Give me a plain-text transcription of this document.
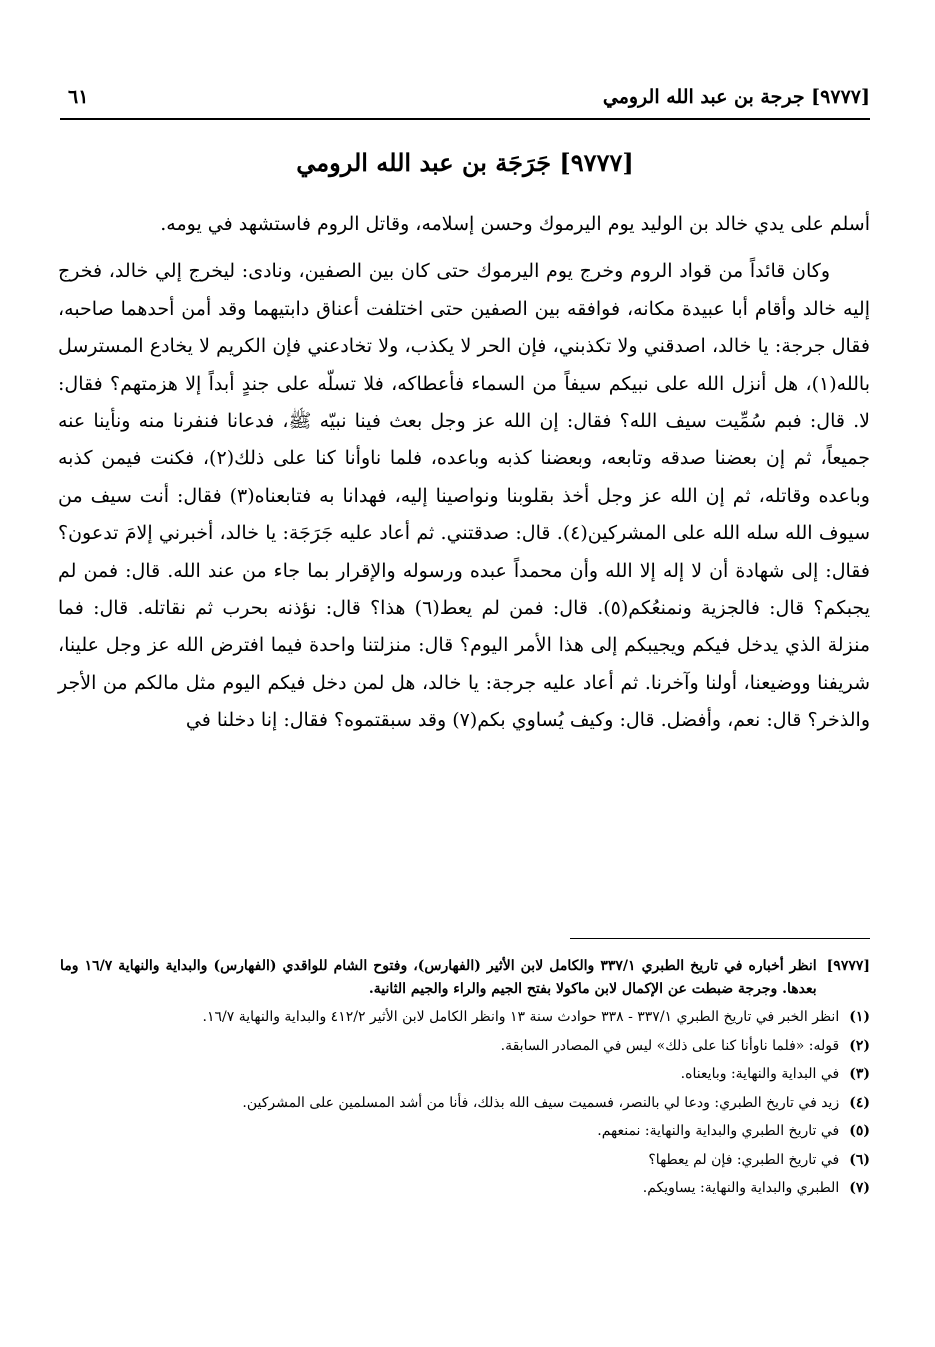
[٩٧٧٧] جرجة بن عبد الله الرومي
٦١
[٩٧٧٧] جَرَجَة بن عبد الله الرومي

أسلم على يدي خالد بن الوليد يوم اليرموك وحسن إسلامه، وقاتل الروم فاستشهد في يومه.

وكان قائداً من قواد الروم وخرج يوم اليرموك حتى كان بين الصفين، ونادى: ليخرج إلي خالد، فخرج إليه خالد وأقام أبا عبيدة مكانه، فوافقه بين الصفين حتى اختلفت أعناق دابتيهما وقد أمن أحدهما صاحبه، فقال جرجة: يا خالد، اصدقني ولا تكذبني، فإن الحر لا يكذب، ولا تخادعني فإن الكريم لا يخادع المسترسل بالله(١)، هل أنزل الله على نبيكم سيفاً من السماء فأعطاكه، فلا تسلّه على جندٍ أبداً إلا هزمتهم؟ فقال: لا. قال: فبم سُمِّيت سيف الله؟ فقال: إن الله عز وجل بعث فينا نبيّه ﷺ، فدعانا فنفرنا منه ونأينا عنه جميعاً، ثم إن بعضنا صدقه وتابعه، وبعضنا كذبه وباعده، فلما ناوأنا كنا على ذلك(٢)، فكنت فيمن كذبه وباعده وقاتله، ثم إن الله عز وجل أخذ بقلوبنا ونواصينا إليه، فهدانا به فتابعناه(٣) فقال: أنت سيف من سيوف الله سله الله على المشركين(٤). قال: صدقتني. ثم أعاد عليه جَرَجَة: يا خالد، أخبرني إلامَ تدعون؟ فقال: إلى شهادة أن لا إله إلا الله وأن محمداً عبده ورسوله والإقرار بما جاء من عند الله. قال: فمن لم يجبكم؟ قال: فالجزية ونمنعُكم(٥). قال: فمن لم يعط(٦) هذا؟ قال: نؤذنه بحرب ثم نقاتله. قال: فما منزلة الذي يدخل فيكم ويجيبكم إلى هذا الأمر اليوم؟ قال: منزلتنا واحدة فيما افترض الله عز وجل علينا، شريفنا ووضيعنا، أولنا وآخرنا. ثم أعاد عليه جرجة: يا خالد، هل لمن دخل فيكم اليوم مثل مالكم من الأجر والذخر؟ قال: نعم، وأفضل. قال: وكيف يُساوي بكم(٧) وقد سبقتموه؟ فقال: إنا دخلنا في

[٩٧٧٧]
انظر أخباره في تاريخ الطبري ٣٣٧/١ والكامل لابن الأثير (الفهارس)، وفتوح الشام للواقدي (الفهارس) والبداية والنهاية ١٦/٧ وما بعدها. وجرجة ضبطت عن الإكمال لابن ماكولا بفتح الجيم والراء والجيم الثانية.
(١)
انظر الخبر في تاريخ الطبري ٣٣٧/١ - ٣٣٨ حوادث سنة ١٣ وانظر الكامل لابن الأثير ٤١٢/٢ والبداية والنهاية ١٦/٧.
(٢)
قوله: «فلما ناوأنا كنا على ذلك» ليس في المصادر السابقة.
(٣)
في البداية والنهاية: وبايعناه.
(٤)
زيد في تاريخ الطبري: ودعا لي بالنصر، فسميت سيف الله بذلك، فأنا من أشد المسلمين على المشركين.
(٥)
في تاريخ الطبري والبداية والنهاية: نمنعهم.
(٦)
في تاريخ الطبري: فإن لم يعطها؟
(٧)
الطبري والبداية والنهاية: يساويكم.
